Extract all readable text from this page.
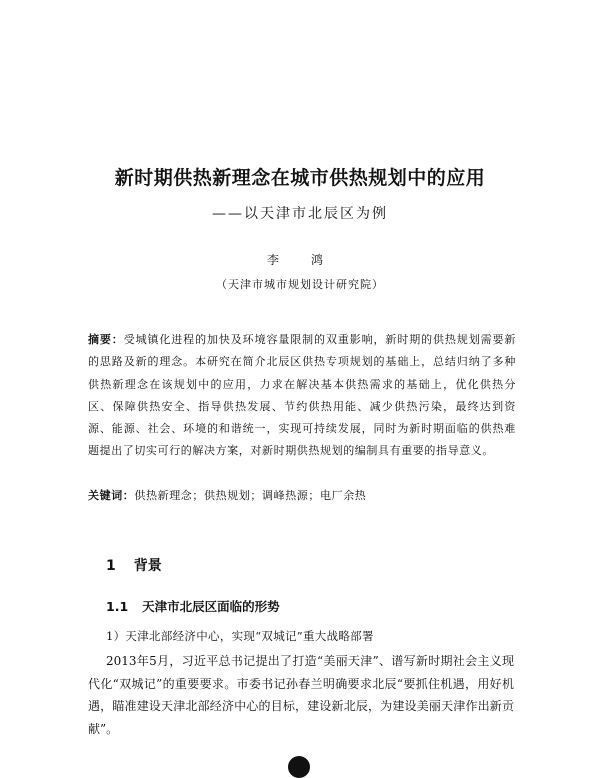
新时期供热新理念在城市供热规划中的应用
——以天津市北辰区为例
李　鸿
（天津市城市规划设计研究院）
摘要：受城镇化进程的加快及环境容量限制的双重影响，新时期的供热规划需要新的思路及新的理念。本研究在简介北辰区供热专项规划的基础上，总结归纳了多种供热新理念在该规划中的应用，力求在解决基本供热需求的基础上，优化供热分区、保障供热安全、指导供热发展、节约供热用能、减少供热污染，最终达到资源、能源、社会、环境的和谐统一，实现可持续发展，同时为新时期面临的供热难题提出了切实可行的解决方案，对新时期供热规划的编制具有重要的指导意义。
关键词：供热新理念；供热规划；调峰热源；电厂余热
1 背景
1.1 天津市北辰区面临的形势
1）天津北部经济中心，实现“双城记”重大战略部署

2013年5月，习近平总书记提出了打造“美丽天津”、谱写新时期社会主义现代化“双城记”的重要要求。市委书记孙春兰明确要求北辰“要抓住机遇，用好机遇，瞄准建设天津北部经济中心的目标，建设新北辰，为建设美丽天津作出新贡献”。
